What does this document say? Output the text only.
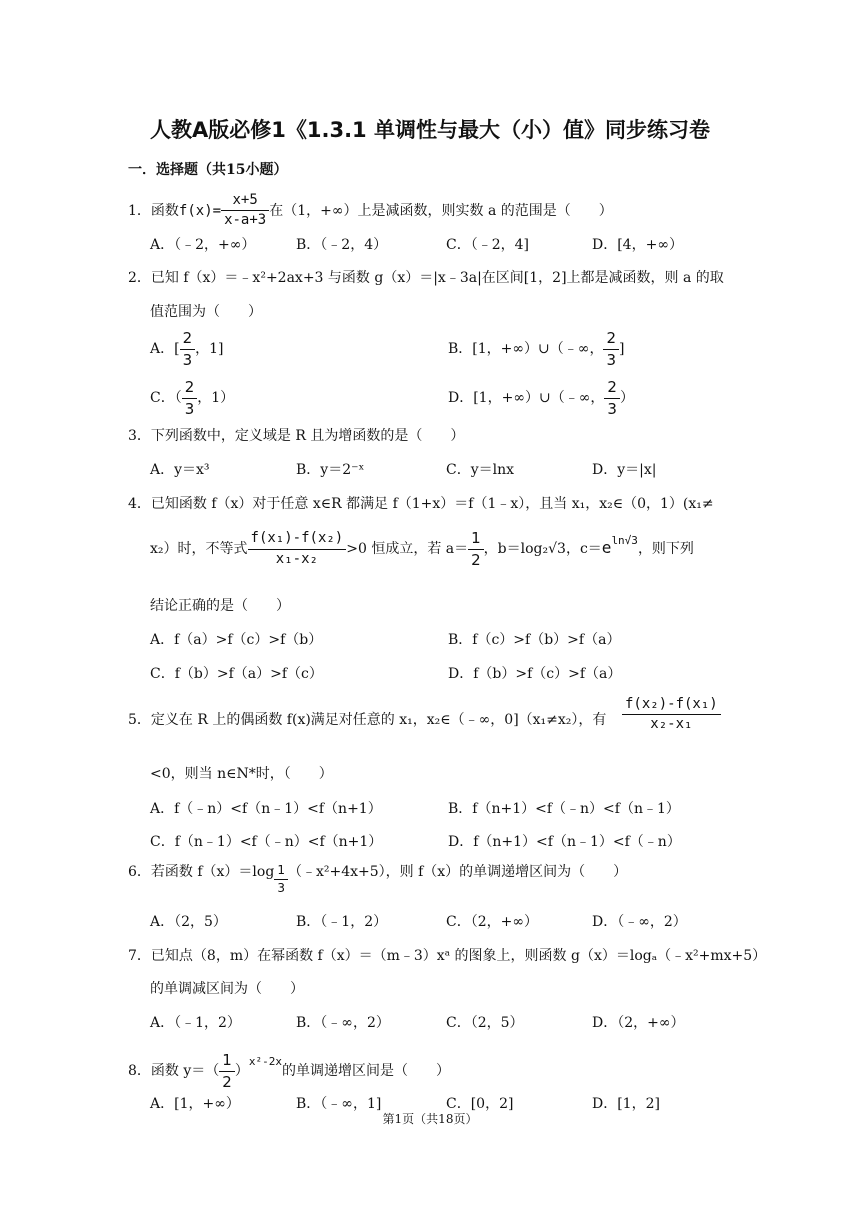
人教A版必修1《1.3.1 单调性与最大（小）值》同步练习卷
一．选择题（共15小题）
1．函数$f(x)= \frac{x+5}{x-a+3}$ 在（1，+∞）上是减函数，则实数 a 的范围是（　　）
A．（﹣2，+∞）	B．（﹣2，4）	C．（﹣2，4]	D．[4，+∞）
2．已知 f（x）＝﹣x²+2ax+3 与函数 g（x）＝|x﹣3a|在区间[1，2]上都是减函数，则 a 的取
值范围为（　　）
A．[ $\frac{2}{3}$ ，1]	B．[1，+∞）∪（﹣∞， $\frac{2}{3}$ ]
C．（ $\frac{2}{3}$ ，1）	D．[1，+∞）∪（﹣∞， $\frac{2}{3}$ ）
3．下列函数中，定义域是 R 且为增函数的是（　　）
A．y＝x³	B．y＝2⁻ˣ	C．y＝lnx	D．y＝|x|
4．已知函数 f（x）对于任意 x∈R 都满足 f（1+x）＝f（1﹣x），且当 x₁，x₂∈（0，1）(x₁≠
x₂）时，不等式 $\frac{\text{f(x₁)-f(x₂)}}{\text{x₁-x₂}} >0$ 恒成立，若 $a= \frac{1}{2}$ ，b＝log₂√3，$c=e^{ln√3}$，则下列
结论正确的是（　　）
A．f（a）>f（c）>f（b）	B．f（c）>f（b）>f（a）
C．f（b）>f（a）>f（c）	D．f（b）>f（c）>f（a）
5．定义在 R 上的偶函数 f(x)满足对任意的 x₁，x₂∈（﹣∞，0]（x₁≠x₂），有 $\frac{\text{f(x₂)-f(x₁)}}{\text{x₂-x₁}}$
<0，则当 n∈N*时，（　　）
A．f（﹣n）<f（n﹣1）<f（n+1）	B．f（n+1）<f（﹣n）<f（n﹣1）
C．f（n﹣1）<f（﹣n）<f（n+1）	D．f（n+1）<f（n﹣1）<f（﹣n）
6．若函数 $f(x)=\log \frac{1}{3}$ （﹣x²+4x+5），则 f（x）的单调递增区间为（　　）
A．（2，5）	B．（﹣1，2）	C．（2，+∞）	D．（﹣∞，2）
7．已知点（8，m）在幂函数 f（x）＝（m﹣3）xᵃ 的图象上，则函数 g（x）＝logₐ（﹣x²+mx+5）
的单调减区间为（　　）
A．（﹣1，2）	B．（﹣∞，2）	C．（2，5）	D．（2，+∞）
8．函数 $y=( \frac{1}{2} )^{x^2-2x}$的单调递增区间是（　　）
A．[1，+∞）	B．（﹣∞，1]	C．[0，2]	D．[1，2]
第1页（共18页）
